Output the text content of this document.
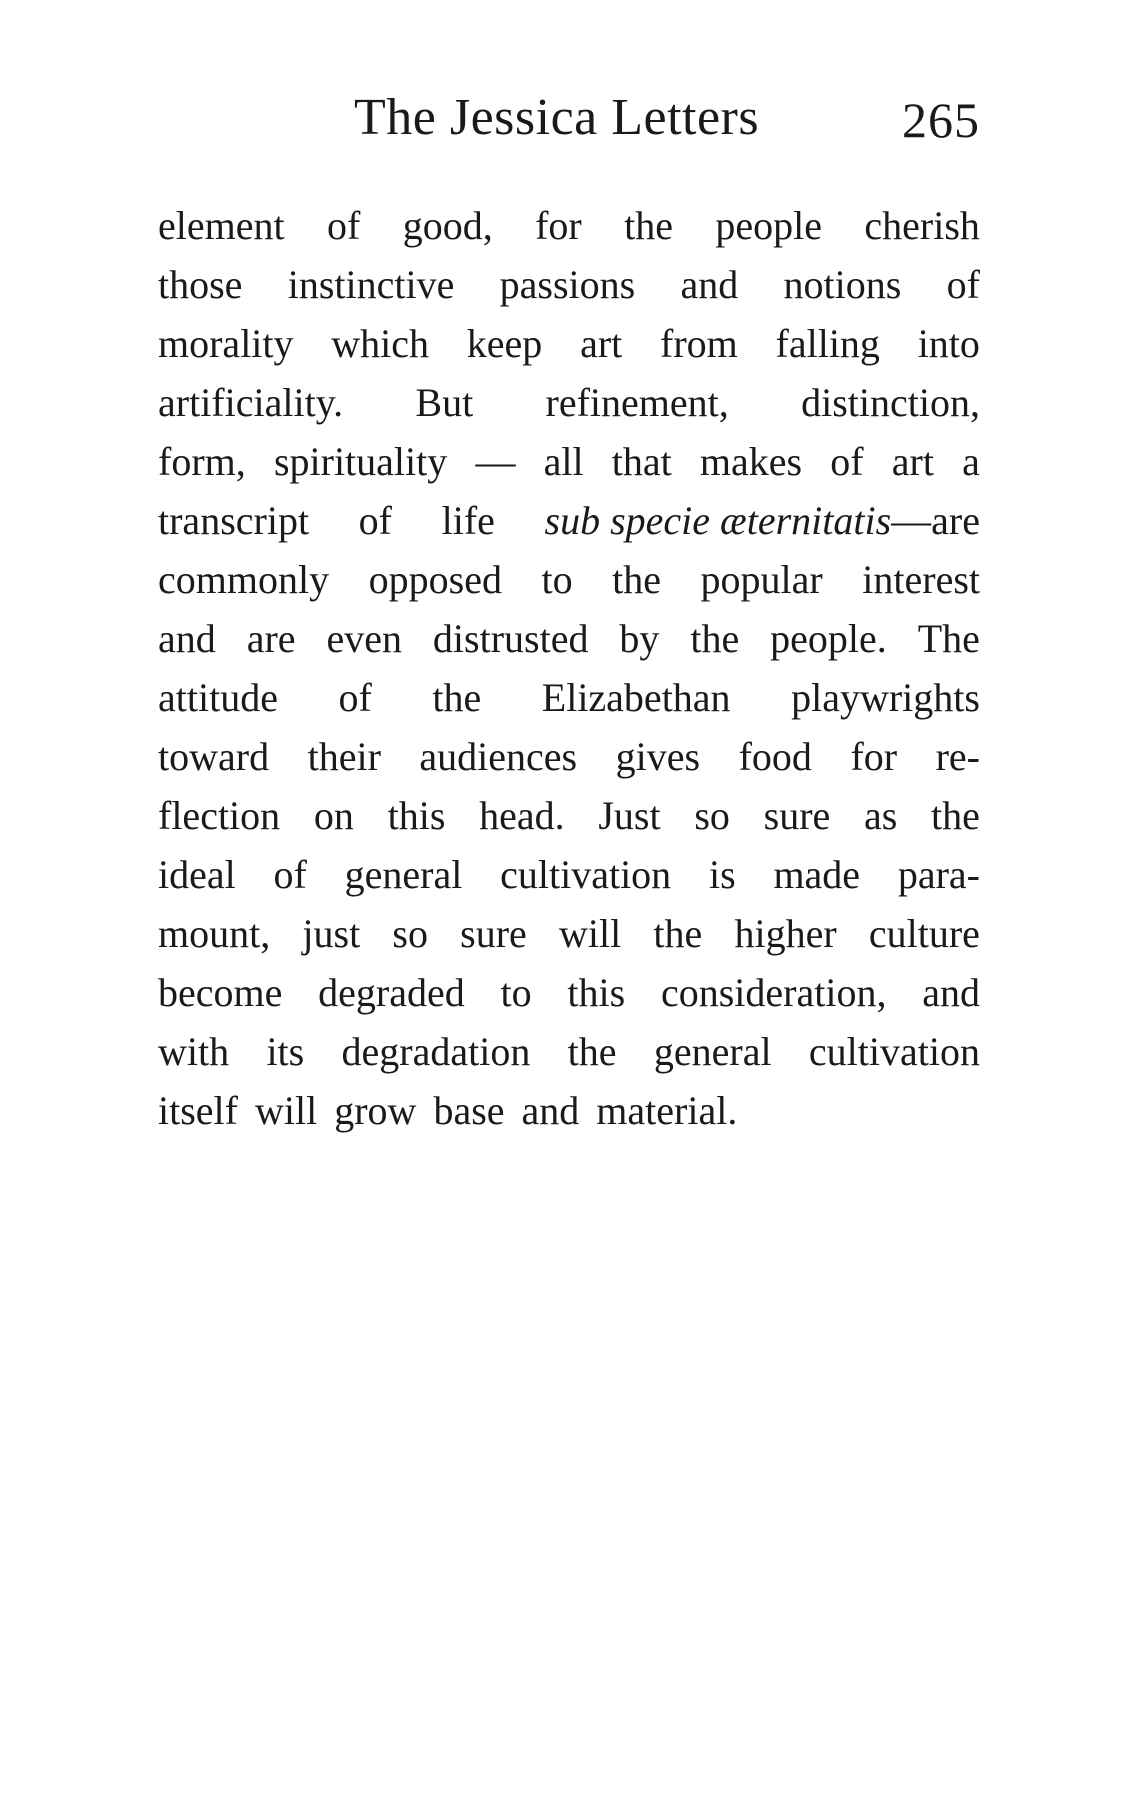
The Jessica Letters	265
element of good, for the people cherish
those instinctive passions and notions of
morality which keep art from falling into
artificiality. But refinement, distinction,
form, spirituality — all that makes of art a
transcript of life sub specie æternitatis—are
commonly opposed to the popular interest
and are even distrusted by the people. The
attitude of the Elizabethan playwrights
toward their audiences gives food for re-
flection on this head. Just so sure as the
ideal of general cultivation is made para-
mount, just so sure will the higher culture
become degraded to this consideration, and
with its degradation the general cultivation
itself will grow base and material.
